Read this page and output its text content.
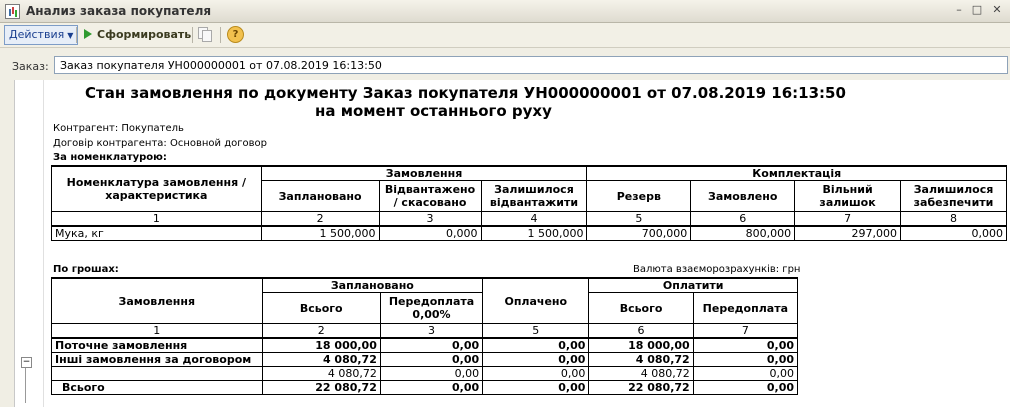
Анализ заказа покупателя	– □ ✕
Действия ▼	Сформировать	?
Заказ:	Заказ покупателя УН000000001 от 07.08.2019 16:13:50
−
Стан замовлення по документу Заказ покупателя УН000000001 от 07.08.2019 16:13:50
на момент останнього руху
Контрагент: Покупатель
Договір контрагента: Основной договор
За номенклатурою:
Номенклатура замовлення / характеристика	Замовлення			Комплектація			
	Заплановано	Відвантажено / скасовано	Залишилося відвантажити	Резерв	Замовлено	Вільний залишок	Залишилося забезпечити
1	2	3	4	5	6	7	8
Мука, кг	1 500,000	0,000	1 500,000	700,000	800,000	297,000	0,000
По грошах:	Валюта взаєморозрахунків: грн
Замовлення	Заплановано		Оплачено	Оплатити	
	Всього	Передоплата 0,00%		Всього	Передоплата
1	2	3	5	6	7
Поточне замовлення	18 000,00	0,00	0,00	18 000,00	0,00
Інші замовлення за договором	4 080,72	0,00	0,00	4 080,72	0,00
	4 080,72	0,00	0,00	4 080,72	0,00
Всього	22 080,72	0,00	0,00	22 080,72	0,00
